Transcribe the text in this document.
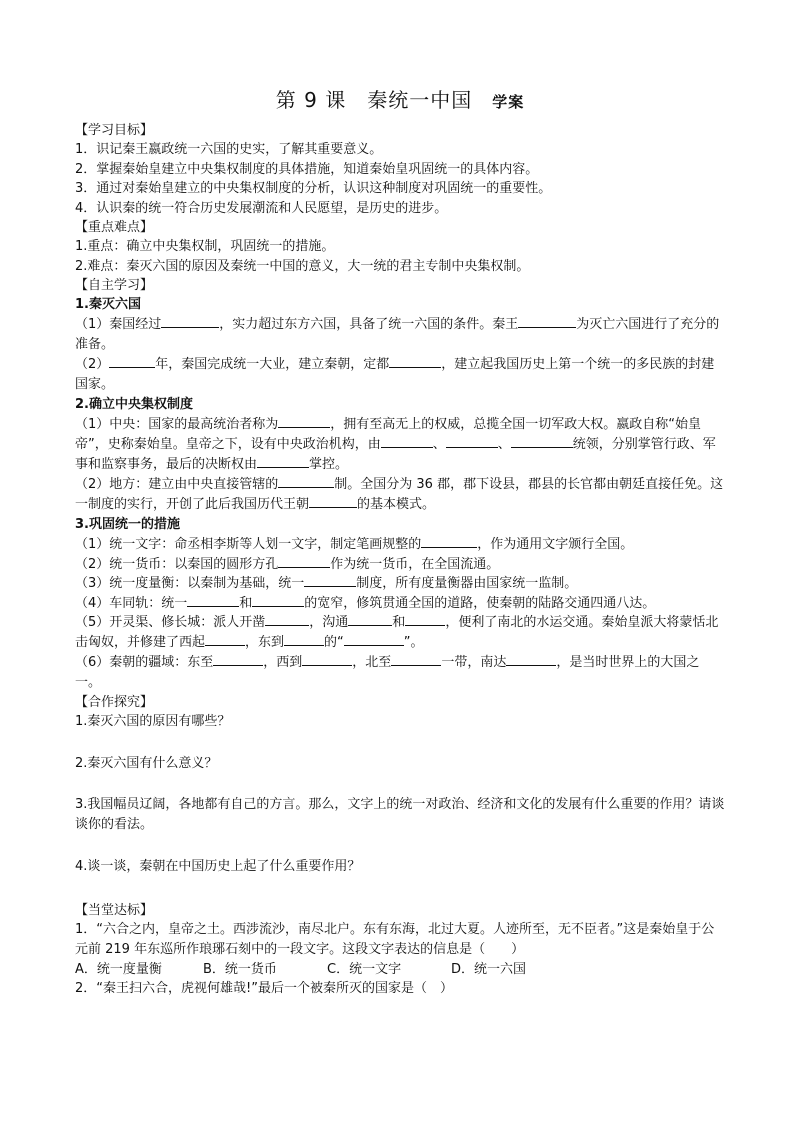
第 9 课　秦统一中国 学案
【学习目标】
1．识记秦王嬴政统一六国的史实，了解其重要意义。
2．掌握秦始皇建立中央集权制度的具体措施，知道秦始皇巩固统一的具体内容。
3．通过对秦始皇建立的中央集权制度的分析，认识这种制度对巩固统一的重要性。
4．认识秦的统一符合历史发展潮流和人民愿望，是历史的进步。
【重点难点】
1.重点：确立中央集权制，巩固统一的措施。
2.难点：秦灭六国的原因及秦统一中国的意义，大一统的君主专制中央集权制。
【自主学习】
1.秦灭六国
（1）秦国经过	，实力超过东方六国，具备了统一六国的条件。秦王	为灭亡六国进行了充分的准备。
（2）	年，秦国完成统一大业，建立秦朝，定都	，建立起我国历史上第一个统一的多民族的封建国家。
2.确立中央集权制度
（1）中央：国家的最高统治者称为	，拥有至高无上的权威，总揽全国一切军政大权。嬴政自称“始皇帝”，史称秦始皇。皇帝之下，设有中央政治机构，由	、	、	统领，分别掌管行政、军事和监察事务，最后的决断权由	掌控。
（2）地方：建立由中央直接管辖的	制。全国分为 36 郡，郡下设县，郡县的长官都由朝廷直接任免。这一制度的实行，开创了此后我国历代王朝	的基本模式。
3.巩固统一的措施
（1）统一文字：命丞相李斯等人划一文字，制定笔画规整的	，作为通用文字颁行全国。
（2）统一货币：以秦国的圆形方孔	作为统一货币，在全国流通。
（3）统一度量衡：以秦制为基础，统一	制度，所有度量衡器由国家统一监制。
（4）车同轨：统一	和	的宽窄，修筑贯通全国的道路，使秦朝的陆路交通四通八达。
（5）开灵渠、修长城：派人开凿	，沟通	和	，便利了南北的水运交通。秦始皇派大将蒙恬北击匈奴，并修建了西起	，东到	的“	”。
（6）秦朝的疆域：东至	，西到	，北至	一带，南达	，是当时世界上的大国之一。
【合作探究】
1.秦灭六国的原因有哪些？
2.秦灭六国有什么意义？
3.我国幅员辽阔，各地都有自己的方言。那么，文字上的统一对政治、经济和文化的发展有什么重要的作用？请谈谈你的看法。
4.谈一谈，秦朝在中国历史上起了什么重要作用？
【当堂达标】
1．“六合之内，皇帝之土。西涉流沙，南尽北户。东有东海，北过大夏。人迹所至，无不臣者。”这是秦始皇于公元前 219 年东巡所作琅琊石刻中的一段文字。这段文字表达的信息是（　　）
A．统一度量衡	B．统一货币	C．统一文字	D．统一六国
2．“秦王扫六合，虎视何雄哉!”最后一个被秦所灭的国家是（　）
